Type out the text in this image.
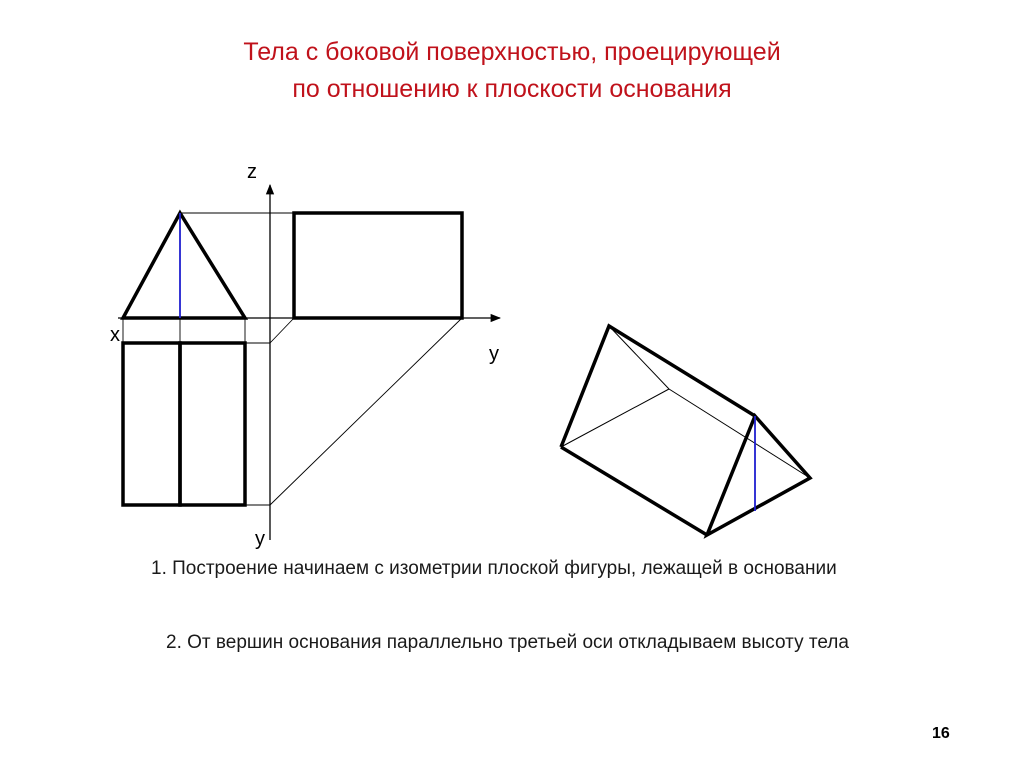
Тела с боковой поверхностью, проецирующей
по отношению к плоскости основания
z
x
y
y
1. Построение начинаем с изометрии плоской фигуры, лежащей в основании
2. От вершин основания параллельно третьей оси откладываем высоту тела
16
